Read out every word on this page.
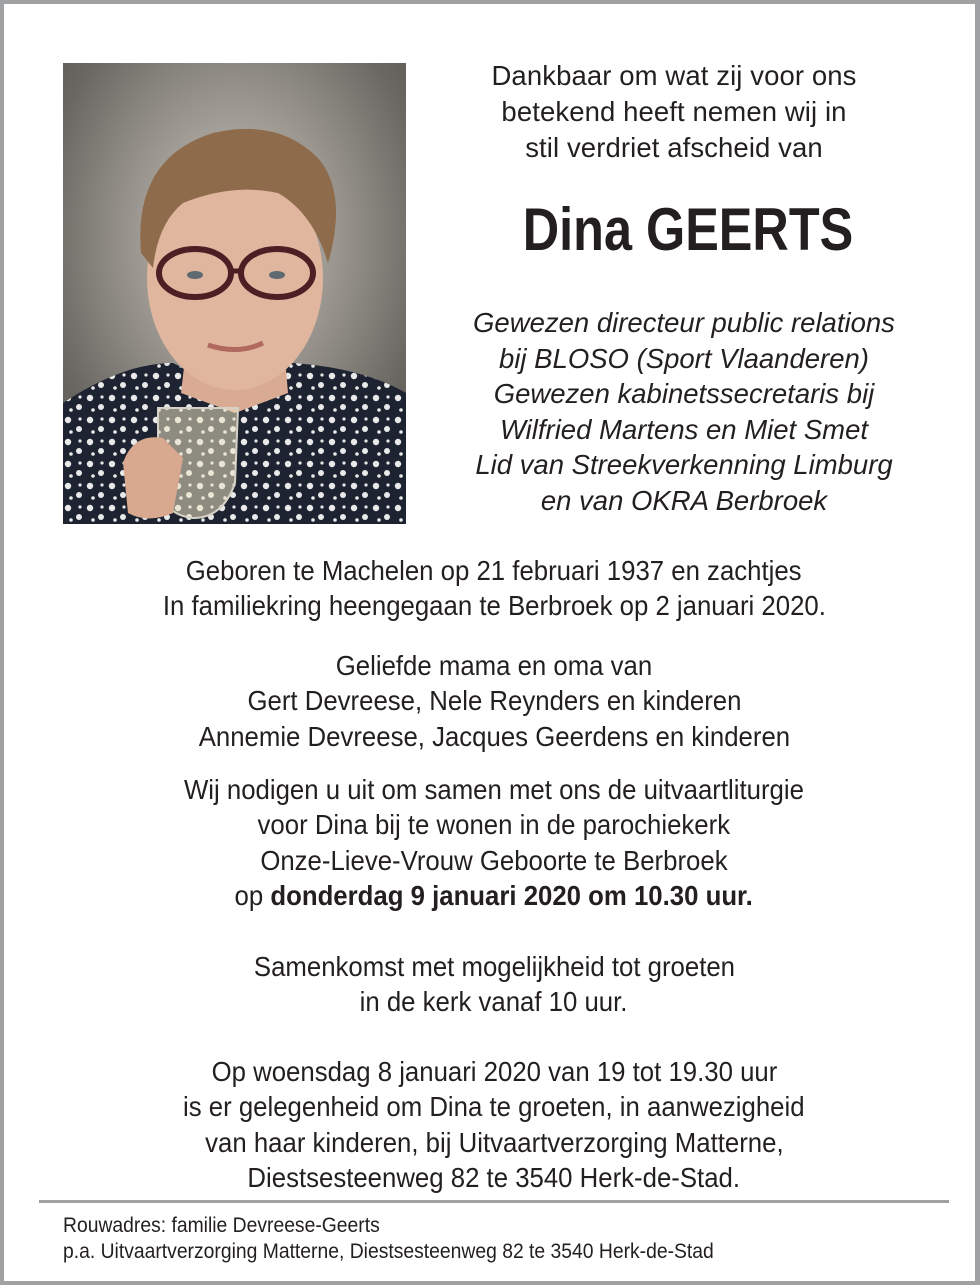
Dankbaar om wat zij voor ons
betekend heeft nemen wij in
stil verdriet afscheid van
Dina GEERTS
Gewezen directeur public relations
bij BLOSO (Sport Vlaanderen)
Gewezen kabinetssecretaris bij
Wilfried Martens en Miet Smet
Lid van Streekverkenning Limburg
en van OKRA Berbroek
Geboren te Machelen op 21 februari 1937 en zachtjes
In familiekring heengegaan te Berbroek op 2 januari 2020.
Geliefde mama en oma van
Gert Devreese, Nele Reynders en kinderen
Annemie Devreese, Jacques Geerdens en kinderen
Wij nodigen u uit om samen met ons de uitvaartliturgie
voor Dina bij te wonen in de parochiekerk
Onze-Lieve-Vrouw Geboorte te Berbroek
op donderdag 9 januari 2020 om 10.30 uur.
Samenkomst met mogelijkheid tot groeten
in de kerk vanaf 10 uur.
Op woensdag 8 januari 2020 van 19 tot 19.30 uur
is er gelegenheid om Dina te groeten, in aanwezigheid
van haar kinderen, bij Uitvaartverzorging Matterne,
Diestsesteenweg 82 te 3540 Herk-de-Stad.
Rouwadres: familie Devreese-Geerts
p.a. Uitvaartverzorging Matterne, Diestsesteenweg 82 te 3540 Herk-de-Stad
